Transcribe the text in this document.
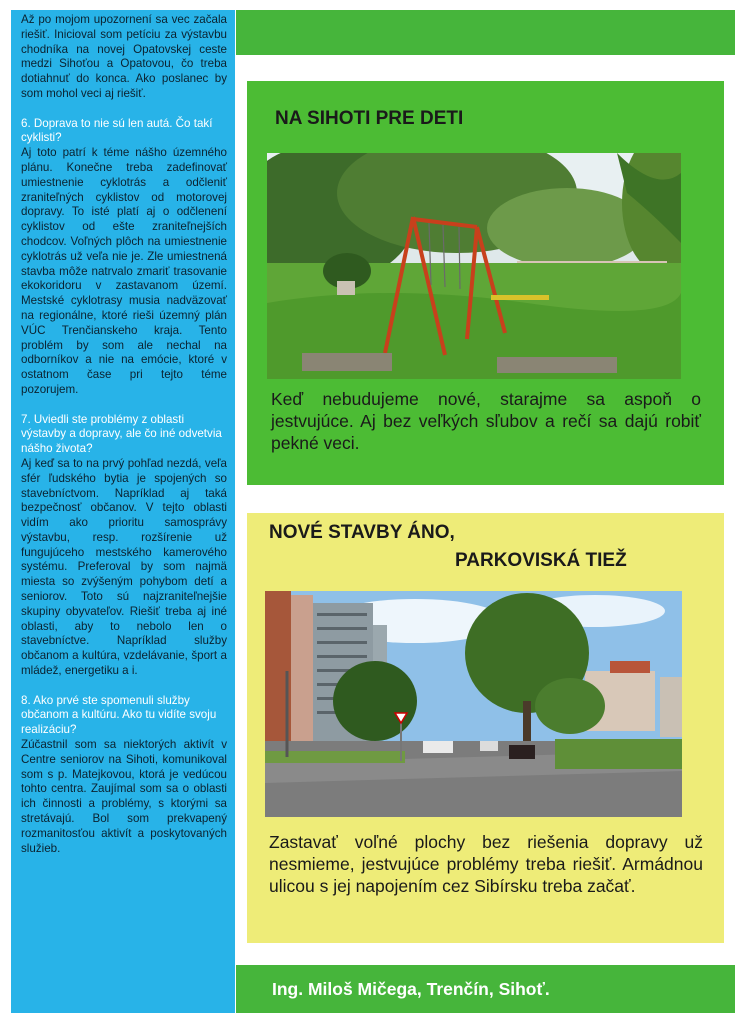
Až po mojom upozornení sa vec začala riešiť. Inicioval som petíciu za výstavbu chodníka na novej Opatovskej ceste medzi Sihoťou a Opatovou, čo treba dotiahnuť do konca. Ako poslanec by som mohol veci aj riešiť.
6. Doprava to nie sú len autá. Čo takí cyklisti?
Aj toto patrí k téme nášho územného plánu. Konečne treba zadefinovať umiestnenie cyklotrás a odčleniť zraniteľných cyklistov od motorovej dopravy. To isté platí aj o odčlenení cyklistov od ešte zraniteľnejších chodcov. Voľných plôch na umiestnenie cyklotrás už veľa nie je. Zle umiestnená stavba môže natrvalo zmariť trasovanie ekokoridoru v zastavanom území. Mestské cyklotrasy musia nadväzovať na regionálne, ktoré rieši územný plán VÚC Trenčianskeho kraja. Tento problém by som ale nechal na odborníkov a nie na emócie, ktoré v ostatnom čase pri tejto téme pozorujem.
7. Uviedli ste problémy z oblasti výstavby a dopravy, ale čo iné odvetvia nášho života?
Aj keď sa to na prvý pohľad nezdá, veľa sfér ľudského bytia je spojených so stavebníctvom. Napríklad aj taká bezpečnosť občanov. V tejto oblasti vidím ako prioritu samosprávy výstavbu, resp. rozšírenie už fungujúceho mestského kamerového systému. Preferoval by som najmä miesta so zvýšeným pohybom detí a seniorov. Toto sú najzraniteľnejšie skupiny obyvateľov. Riešiť treba aj iné oblasti, aby to nebolo len o stavebníctve. Napríklad služby občanom a kultúra, vzdelávanie, šport a mládež, energetiku a i.
8. Ako prvé ste spomenuli služby občanom a kultúru. Ako tu vidíte svoju realizáciu?
Zúčastnil som sa niektorých aktivít v Centre seniorov na Sihoti, komunikoval som s p. Matejkovou, ktorá je vedúcou tohto centra. Zaujímal som sa o oblasti ich činnosti a problémy, s ktorými sa stretávajú. Bol som prekvapený rozmanitosťou aktivít a poskytovaných služieb.
NA SIHOTI PRE DETI
Keď nebudujeme nové, starajme sa aspoň o jestvujúce. Aj bez veľkých sľubov a rečí sa dajú robiť pekné veci.
NOVÉ STAVBY ÁNO,
PARKOVISKÁ TIEŽ
Zastavať voľné plochy bez riešenia dopravy už nesmieme, jestvujúce problémy treba riešiť. Armádnou ulicou s jej napojením cez Sibírsku treba začať.
Ing. Miloš Mičega, Trenčín, Sihoť.
